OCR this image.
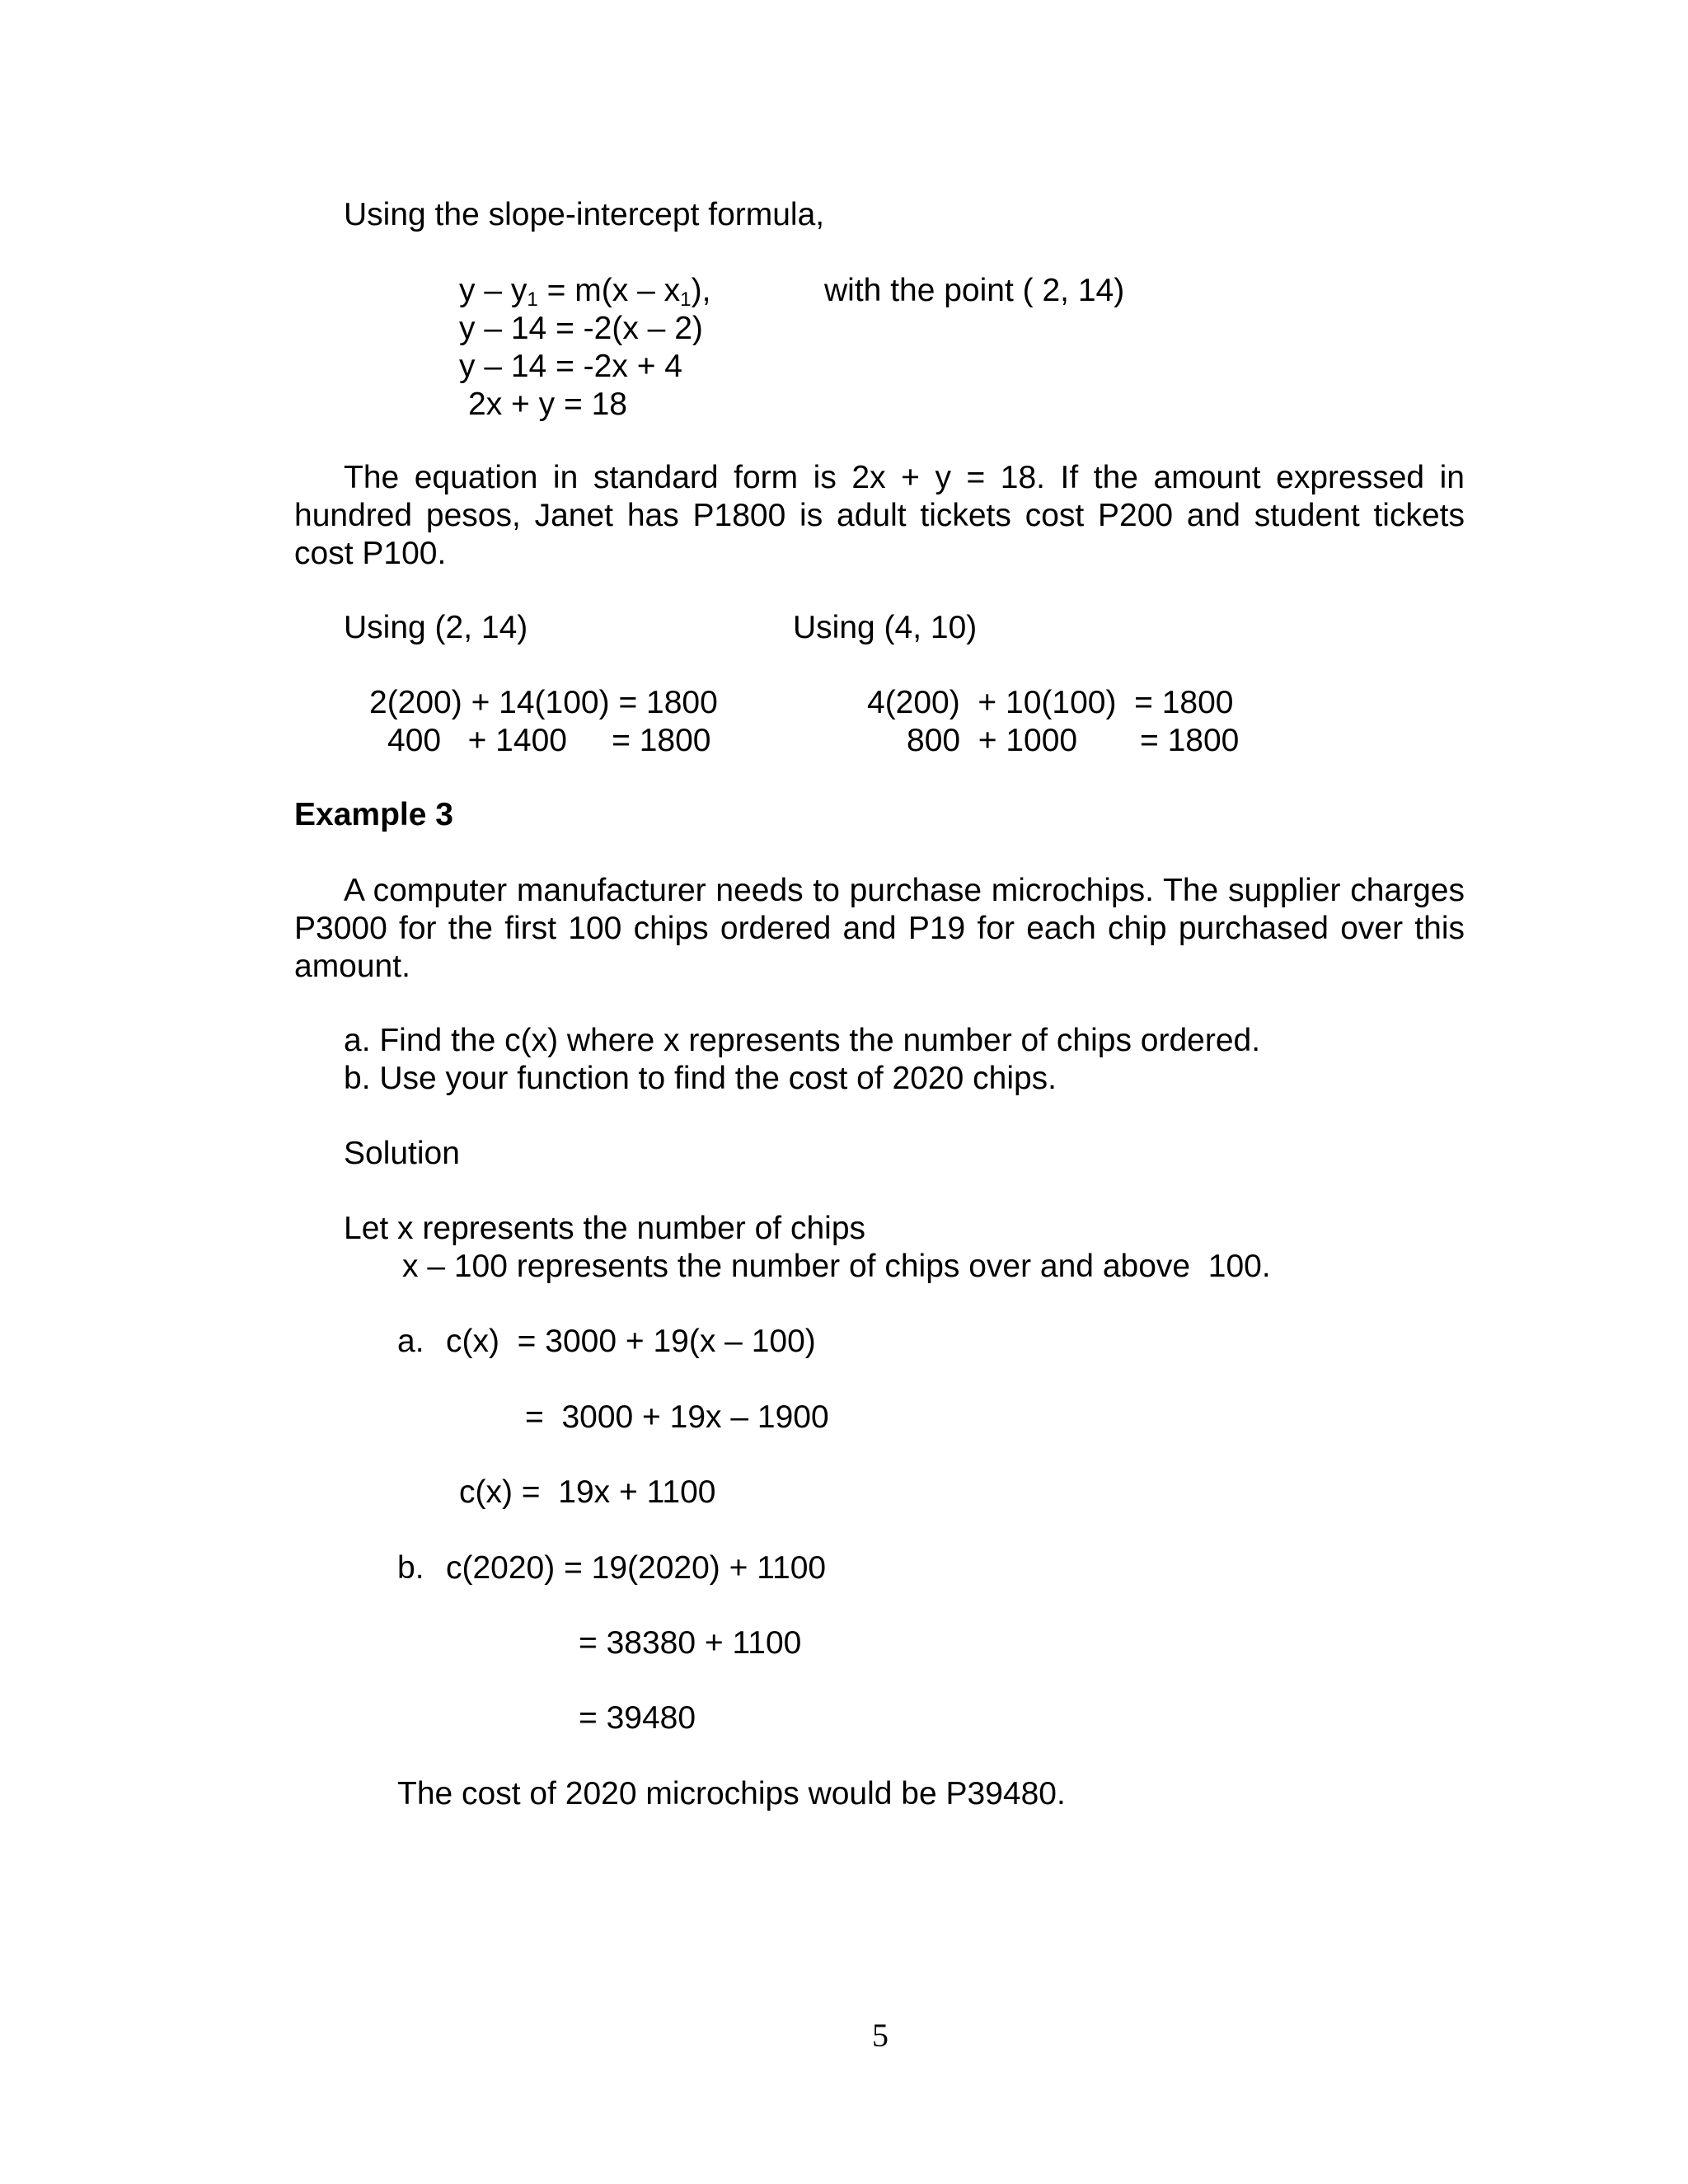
Using the slope-intercept formula,
$y - y_1 = m(x - x_1)$,	with the point ( 2, 14)
y – 14 = -2(x – 2)
y – 14 = -2x + 4
2x + y = 18
The equation in standard form is 2x + y = 18. If the amount expressed in hundred pesos, Janet has P1800 is adult tickets cost P200 and student tickets cost P100.
Using (2, 14)	Using (4, 10)
2(200) + 14(100) = 1800
400   + 1400     = 1800
4(200)  + 10(100)  = 1800
800  + 1000       = 1800
Example 3
A computer manufacturer needs to purchase microchips. The supplier charges P3000 for the first 100 chips ordered and P19 for each chip purchased over this amount.
a. Find the c(x) where x represents the number of chips ordered.
b. Use your function to find the cost of 2020 chips.
Solution
Let x represents the number of chips
x – 100 represents the number of chips over and above  100.
a. c(x)  = 3000 + 19(x – 100)
=  3000 + 19x – 1900
c(x) =  19x + 1100
b. c(2020) = 19(2020) + 1100
= 38380 + 1100
= 39480
The cost of 2020 microchips would be P39480.
5
